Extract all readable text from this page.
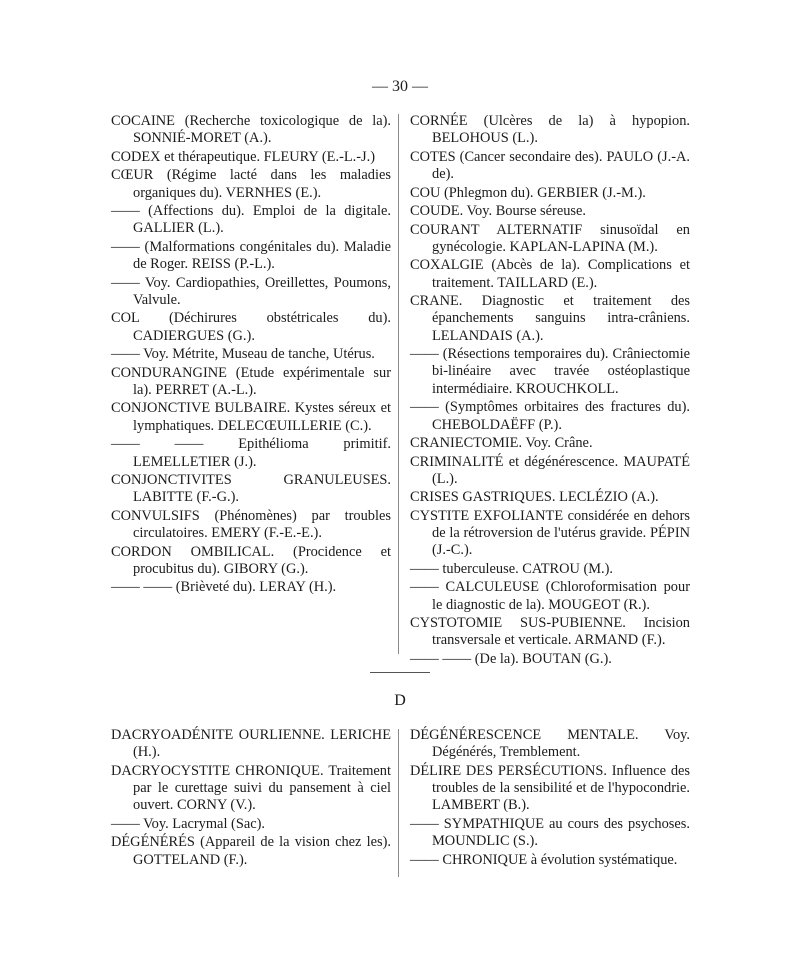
— 30 —

COCAINE (Recherche toxicologique de la). SONNIÉ-MORET (A.).

CODEX et thérapeutique. FLEURY (E.-L.-J.)

CŒUR (Régime lacté dans les maladies organiques du). VERNHES (E.).

—— (Affections du). Emploi de la digitale. GALLIER (L.).

—— (Malformations congénitales du). Maladie de Roger. REISS (P.-L.).

—— Voy. Cardiopathies, Oreillettes, Poumons, Valvule.

COL (Déchirures obstétricales du). CADIERGUES (G.).

—— Voy. Métrite, Museau de tanche, Utérus.

CONDURANGINE (Etude expérimentale sur la). PERRET (A.-L.).

CONJONCTIVE BULBAIRE. Kystes séreux et lymphatiques. DELECŒUILLERIE (C.).

—— —— Epithélioma primitif. LEMELLETIER (J.).

CONJONCTIVITES GRANULEUSES. LABITTE (F.-G.).

CONVULSIFS (Phénomènes) par troubles circulatoires. EMERY (F.-E.-E.).

CORDON OMBILICAL. (Procidence et procubitus du). GIBORY (G.).

—— —— (Brièveté du). LERAY (H.).

CORNÉE (Ulcères de la) à hypopion. BELOHOUS (L.).

COTES (Cancer secondaire des). PAULO (J.-A. de).

COU (Phlegmon du). GERBIER (J.-M.).

COUDE. Voy. Bourse séreuse.

COURANT ALTERNATIF sinusoïdal en gynécologie. KAPLAN-LAPINA (M.).

COXALGIE (Abcès de la). Complications et traitement. TAILLARD (E.).

CRANE. Diagnostic et traitement des épanchements sanguins intra-crâniens. LELANDAIS (A.).

—— (Résections temporaires du). Crâniectomie bi-linéaire avec travée ostéoplastique intermédiaire. KROUCHKOLL.

—— (Symptômes orbitaires des fractures du). CHEBOLDAËFF (P.).

CRANIECTOMIE. Voy. Crâne.

CRIMINALITÉ et dégénérescence. MAUPATÉ (L.).

CRISES GASTRIQUES. LECLÉZIO (A.).

CYSTITE EXFOLIANTE considérée en dehors de la rétroversion de l'utérus gravide. PÉPIN (J.-C.).

—— tuberculeuse. CATROU (M.).

—— CALCULEUSE (Chloroformisation pour le diagnostic de la). MOUGEOT (R.).

CYSTOTOMIE SUS-PUBIENNE. Incision transversale et verticale. ARMAND (F.).

—— —— (De la). BOUTAN (G.).

D

DACRYOADÉNITE OURLIENNE. LERICHE (H.).

DACRYOCYSTITE CHRONIQUE. Traitement par le curettage suivi du pansement à ciel ouvert. CORNY (V.).

—— Voy. Lacrymal (Sac).

DÉGÉNÉRÉS (Appareil de la vision chez les). GOTTELAND (F.).

DÉGÉNÉRESCENCE MENTALE. Voy. Dégénérés, Tremblement.

DÉLIRE DES PERSÉCUTIONS. Influence des troubles de la sensibilité et de l'hypocondrie. LAMBERT (B.).

—— SYMPATHIQUE au cours des psychoses. MOUNDLIC (S.).

—— CHRONIQUE à évolution systématique.
